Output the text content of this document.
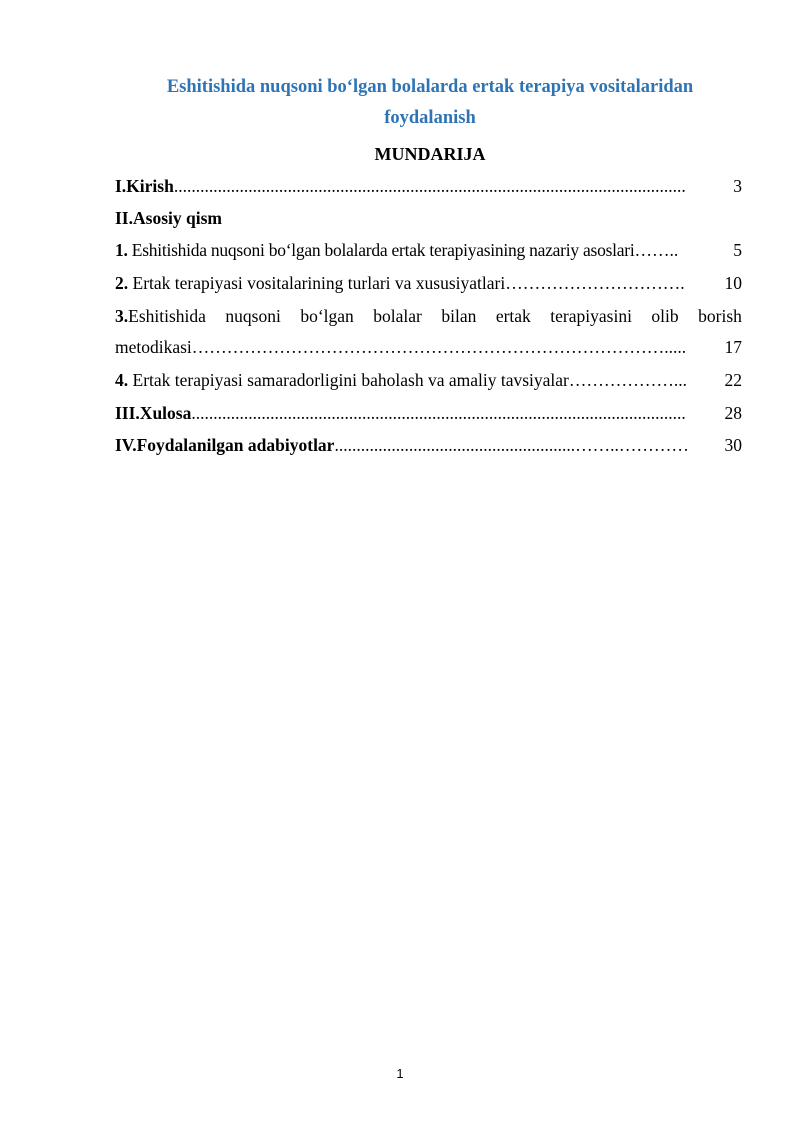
Eshitishida nuqsoni bo‘lgan bolalarda ertak terapiya vositalaridan
foydalanish
MUNDARIJA
I.Kirish .....................................................................................................................	3
II.Asosiy qism
1. Eshitishida nuqsoni bo‘lgan bolalarda ertak terapiyasining nazariy asoslari ……..	5
2. Ertak terapiyasi vositalarining turlari va xususiyatlari ………………………….	10
3.Eshitishida nuqsoni bo‘lgan bolalar bilan ertak terapiyasini olib borish
metodikasi ……………………………………………………………………….....	17
4. Ertak terapiyasi samaradorligini baholash va amaliy tavsiyalar ………………...	22
III.Xulosa .................................................................................................................	28
IV.Foydalanilgan adabiyotlar .......................................................……..…………	30
1
